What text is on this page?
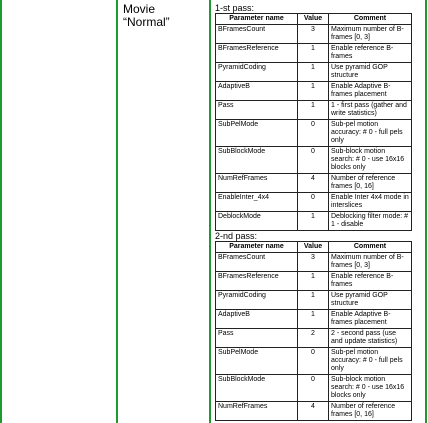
Movie
“Normal”
1-st pass:
Parameter name	Value	Comment
BFramesCount	3	Maximum number of B-frames [0, 3]
BFramesReference	1	Enable reference B-frames
PyramidCoding	1	Use pyramid GOP structure
AdaptiveB	1	Enable Adaptive B-frames placement
Pass	1	1 - first pass (gather and write statistics)
SubPelMode	0	Sub-pel motion accuracy: # 0 - full pels only
SubBlockMode	0	Sub-block motion search: # 0 - use 16x16 blocks only
NumRefFrames	4	Number of reference frames [0, 16]
EnableInter_4x4	0	Enable Inter 4x4 mode in interslices
DeblockMode	1	Deblocking filter mode: # 1 - disable
2-nd pass:
Parameter name	Value	Comment
BFramesCount	3	Maximum number of B-frames [0, 3]
BFramesReference	1	Enable reference B-frames
PyramidCoding	1	Use pyramid GOP structure
AdaptiveB	1	Enable Adaptive B-frames placement
Pass	2	2 - second pass (use and update statistics)
SubPelMode	0	Sub-pel motion accuracy: # 0 - full pels only
SubBlockMode	0	Sub-block motion search: # 0 - use 16x16 blocks only
NumRefFrames	4	Number of reference frames [0, 16]
